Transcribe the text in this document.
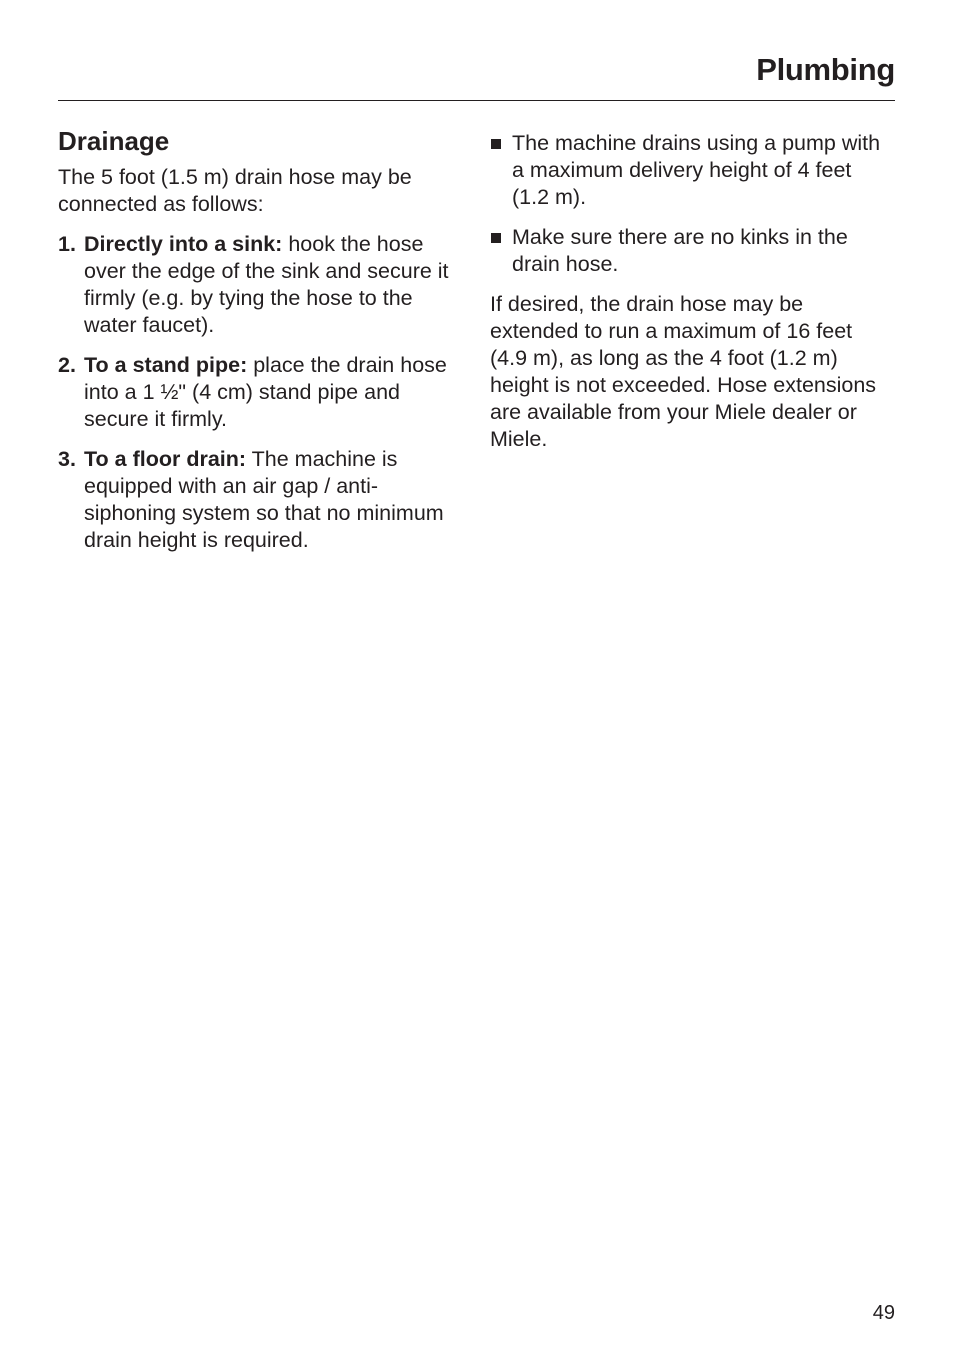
Plumbing
Drainage

The 5 foot (1.5 m) drain hose may be connected as follows:

1. Directly into a sink: hook the hose over the edge of the sink and secure it firmly (e.g. by tying the hose to the water faucet).
2. To a stand pipe: place the drain hose into a 1 ½" (4 cm) stand pipe and secure it firmly.
3. To a floor drain: The machine is equipped with an air gap / anti-siphoning system so that no minimum drain height is required.
The machine drains using a pump with a maximum delivery height of 4 feet (1.2 m).
Make sure there are no kinks in the drain hose.

If desired, the drain hose may be extended to run a maximum of 16 feet (4.9 m), as long as the 4 foot (1.2 m) height is not exceeded. Hose extensions are available from your Miele dealer or Miele.

49
